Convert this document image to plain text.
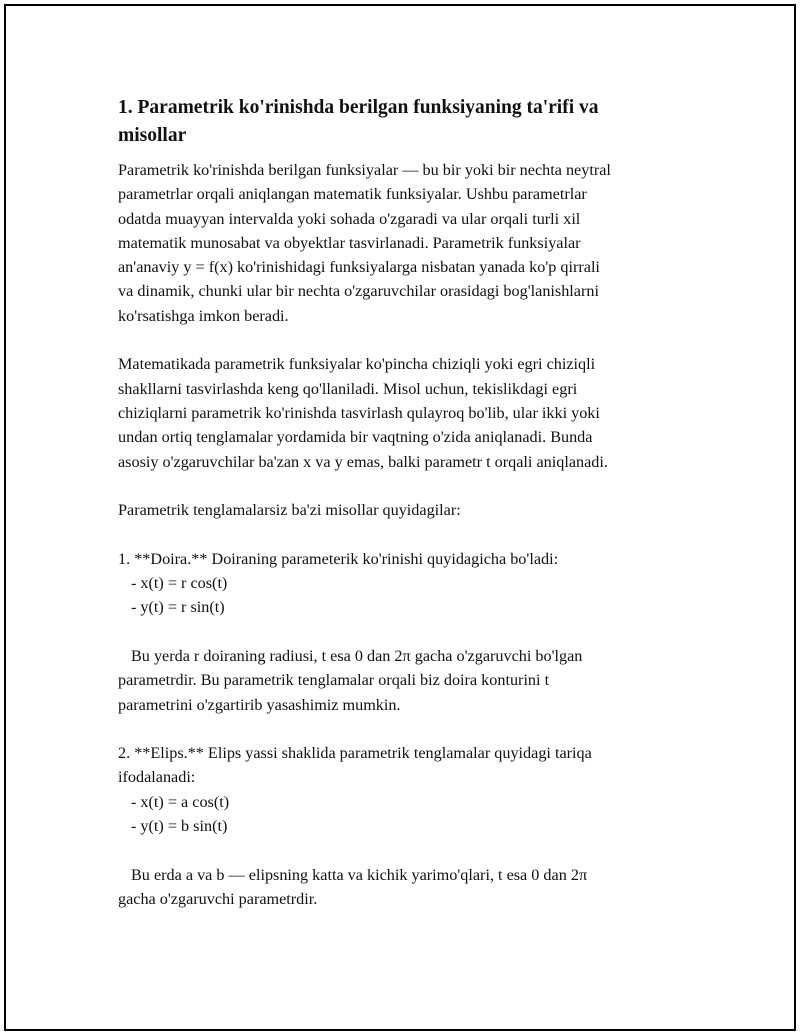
1. Parametrik ko'rinishda berilgan funksiyaning ta'rifi va
misollar

Parametrik ko'rinishda berilgan funksiyalar — bu bir yoki bir nechta neytral
parametrlar orqali aniqlangan matematik funksiyalar. Ushbu parametrlar
odatda muayyan intervalda yoki sohada o'zgaradi va ular orqali turli xil
matematik munosabat va obyektlar tasvirlanadi. Parametrik funksiyalar
an'anaviy y = f(x) ko'rinishidagi funksiyalarga nisbatan yanada ko'p qirrali
va dinamik, chunki ular bir nechta o'zgaruvchilar orasidagi bog'lanishlarni
ko'rsatishga imkon beradi.

Matematikada parametrik funksiyalar ko'pincha chiziqli yoki egri chiziqli
shakllarni tasvirlashda keng qo'llaniladi. Misol uchun, tekislikdagi egri
chiziqlarni parametrik ko'rinishda tasvirlash qulayroq bo'lib, ular ikki yoki
undan ortiq tenglamalar yordamida bir vaqtning o'zida aniqlanadi. Bunda
asosiy o'zgaruvchilar ba'zan x va y emas, balki parametr t orqali aniqlanadi.

Parametrik tenglamalarsiz ba'zi misollar quyidagilar:

1. **Doira.** Doiraning parameterik ko'rinishi quyidagicha bo'ladi:
- x(t) = r cos(t)
- y(t) = r sin(t)
Bu yerda r doiraning radiusi, t esa 0 dan 2π gacha o'zgaruvchi bo'lgan
parametrdir. Bu parametrik tenglamalar orqali biz doira konturini t
parametrini o'zgartirib yasashimiz mumkin.
2. **Elips.** Elips yassi shaklida parametrik tenglamalar quyidagi tariqa
ifodalanadi:
- x(t) = a cos(t)
- y(t) = b sin(t)
Bu erda a va b — elipsning katta va kichik yarimo'qlari, t esa 0 dan 2π
gacha o'zgaruvchi parametrdir.
